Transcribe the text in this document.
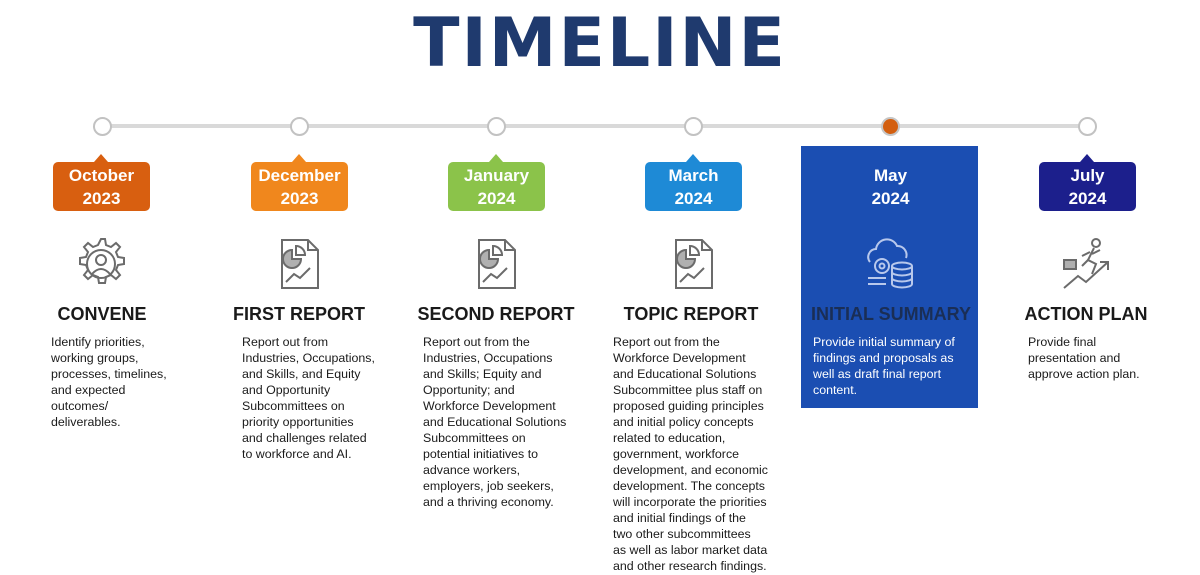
TIMELINE
October
2023
December
2023
January
2024
March
2024
May
2024
July
2024
CONVENE	FIRST REPORT	SECOND REPORT	TOPIC REPORT	INITIAL SUMMARY	ACTION PLAN
Identify priorities,
working groups,
processes, timelines,
and expected
outcomes/
deliverables.
Report out from
Industries, Occupations,
and Skills, and Equity
and Opportunity
Subcommittees on
priority opportunities
and challenges related
to workforce and AI.
Report out from the
Industries, Occupations
and Skills; Equity and
Opportunity; and
Workforce Development
and Educational Solutions
Subcommittees on
potential initiatives to
advance workers,
employers, job seekers,
and a thriving economy.
Report out from the
Workforce Development
and Educational Solutions
Subcommittee plus staff on
proposed guiding principles
and initial policy concepts
related to education,
government, workforce
development, and economic
development. The concepts
will incorporate the priorities
and initial findings of the
two other subcommittees
as well as labor market data
and other research findings.
Provide initial summary of
findings and proposals as
well as draft final report
content.
Provide final
presentation and
approve action plan.
